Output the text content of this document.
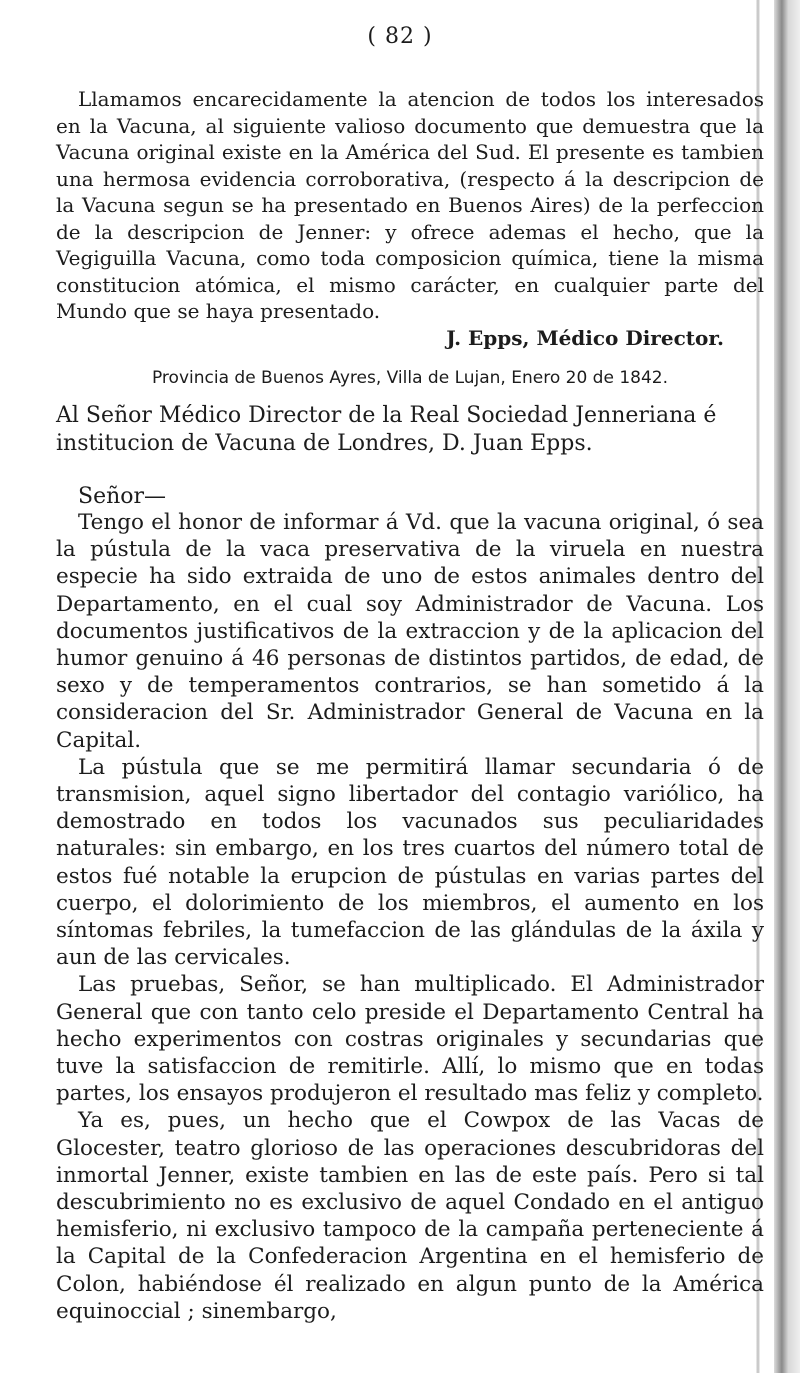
( 82 )

Llamamos encarecidamente la atencion de todos los interesados en la Vacuna, al siguiente valioso documento que demuestra que la Vacuna original existe en la América del Sud. El presente es tambien una hermosa evidencia corroborativa, (respecto á la descripcion de la Vacuna segun se ha presentado en Buenos Aires) de la perfeccion de la descripcion de Jenner: y ofrece ademas el hecho, que la Vegiguilla Vacuna, como toda composicion química, tiene la misma constitucion atómica, el mismo carácter, en cualquier parte del Mundo que se haya presentado.

J. Epps, Médico Director.

Provincia de Buenos Ayres, Villa de Lujan, Enero 20 de 1842.

Al Señor Médico Director de la Real Sociedad Jenneriana é institucion de Vacuna de Londres, D. Juan Epps.

Señor—

Tengo el honor de informar á Vd. que la vacuna original, ó sea la pústula de la vaca preservativa de la viruela en nuestra especie ha sido extraida de uno de estos animales dentro del Departamento, en el cual soy Administrador de Vacuna. Los documentos justificativos de la extraccion y de la aplicacion del humor genuino á 46 personas de distintos partidos, de edad, de sexo y de temperamentos contrarios, se han sometido á la consideracion del Sr. Administrador General de Vacuna en la Capital.

La pústula que se me permitirá llamar secundaria ó de transmision, aquel signo libertador del contagio variólico, ha demostrado en todos los vacunados sus peculiaridades naturales: sin embargo, en los tres cuartos del número total de estos fué notable la erupcion de pústulas en varias partes del cuerpo, el dolorimiento de los miembros, el aumento en los síntomas febriles, la tumefaccion de las glándulas de la áxila y aun de las cervicales.

Las pruebas, Señor, se han multiplicado. El Administrador General que con tanto celo preside el Departamento Central ha hecho experimentos con costras originales y secundarias que tuve la satisfaccion de remitirle. Allí, lo mismo que en todas partes, los ensayos produjeron el resultado mas feliz y completo.

Ya es, pues, un hecho que el Cowpox de las Vacas de Glocester, teatro glorioso de las operaciones descubridoras del inmortal Jenner, existe tambien en las de este país. Pero si tal descubrimiento no es exclusivo de aquel Condado en el antiguo hemisferio, ni exclusivo tampoco de la campaña perteneciente á la Capital de la Confederacion Argentina en el hemisferio de Colon, habiéndose él realizado en algun punto de la América equinoccial ; sinembargo,
